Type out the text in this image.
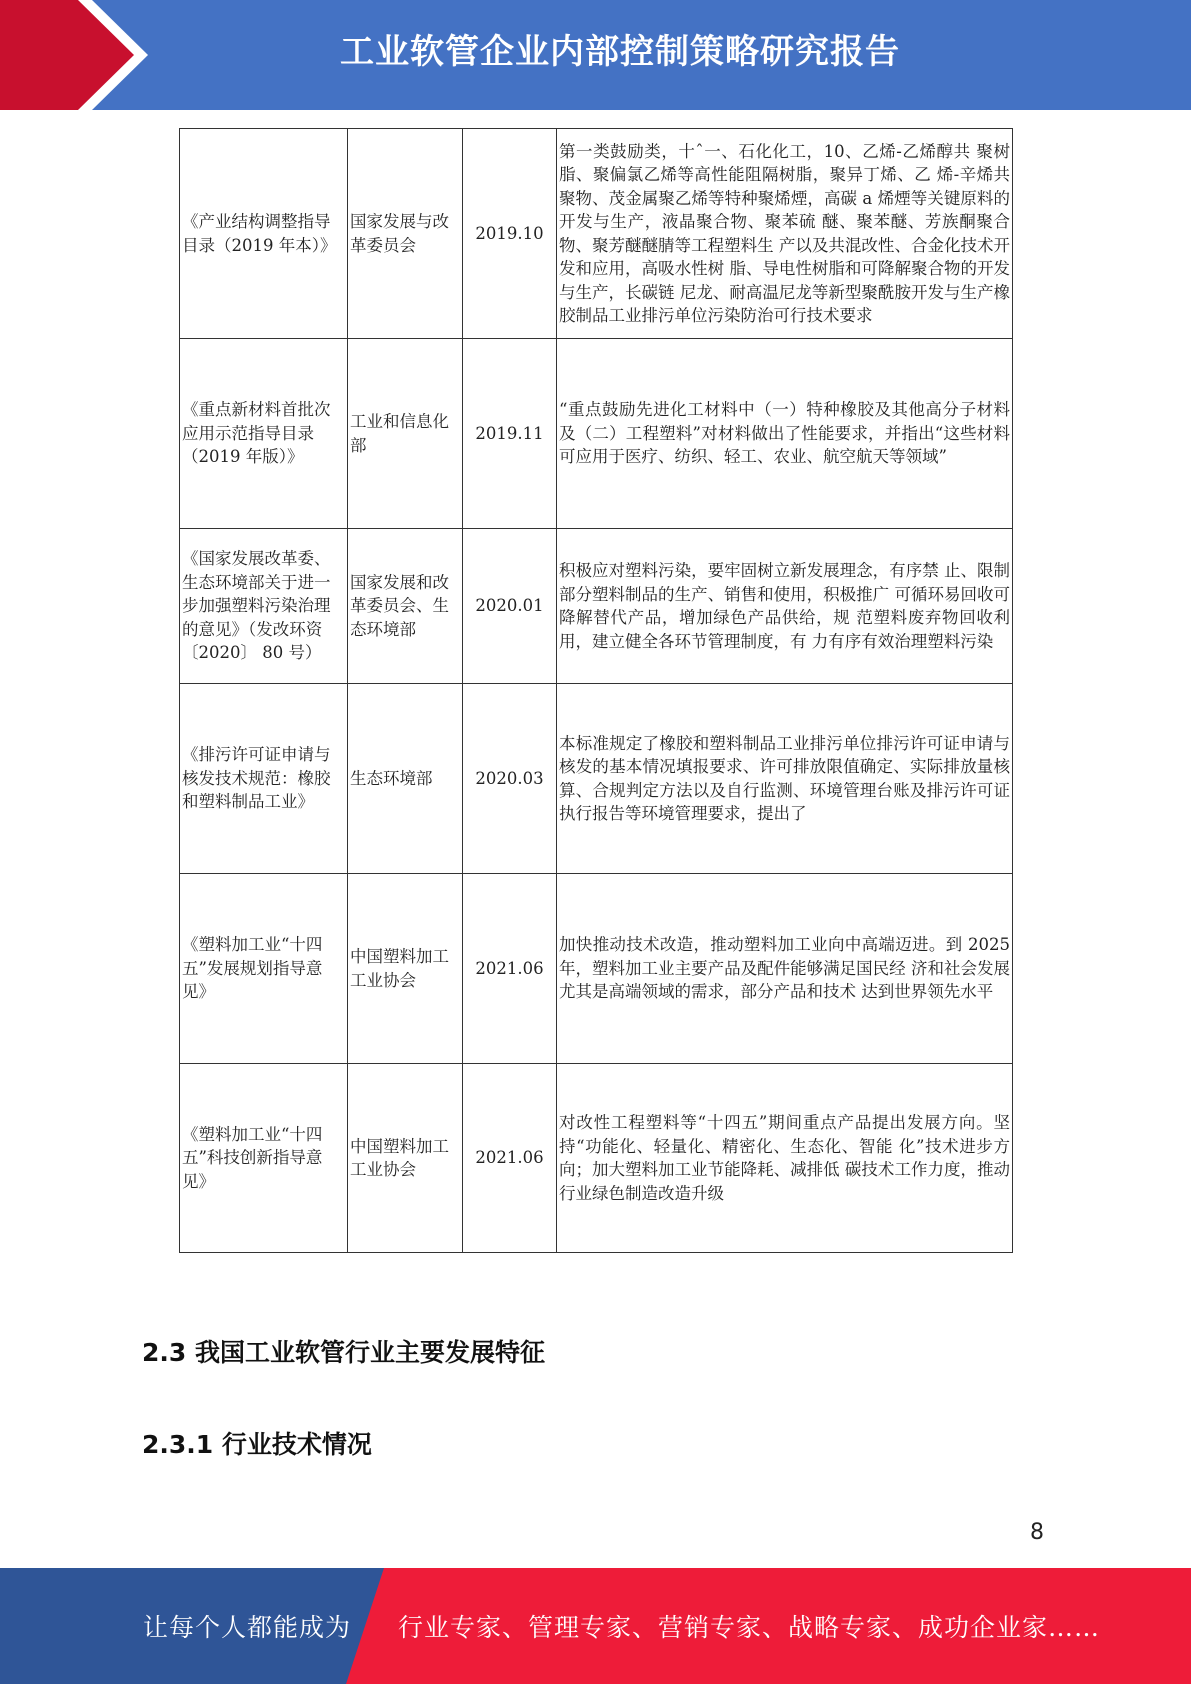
工业软管企业内部控制策略研究报告
《产业结构调整指导目录（2019 年本）》	国家发展与改革委员会	2019.10	第一类鼓励类，十ˆ一、石化化工，10、乙烯-乙烯醇共 聚树脂、聚偏氯乙烯等高性能阻隔树脂，聚异丁烯、乙 烯-辛烯共聚物、茂金属聚乙烯等特种聚烯煙，高碳 a 烯煙等关键原料的开发与生产，液晶聚合物、聚苯硫 醚、聚苯醚、芳族酮聚合物、聚芳醚醚腈等工程塑料生 产以及共混改性、合金化技术开发和应用，高吸水性树 脂、导电性树脂和可降解聚合物的开发与生产，长碳链 尼龙、耐高温尼龙等新型聚酰胺开发与生产橡胶制品工业排污单位污染防治可行技术要求
《重点新材料首批次应用示范指导目录（2019 年版）》	工业和信息化部	2019.11	“重点鼓励先进化工材料中（一）特种橡胶及其他高分子材料及（二）工程塑料”对材料做出了性能要求，并指出“这些材料可应用于医疗、纺织、轻工、农业、航空航天等领域”
《国家发展改革委、生态环境部关于进一步加强塑料污染治理的意见》（发改环资〔2020〕 80 号）	国家发展和改革委员会、生态环境部	2020.01	积极应对塑料污染，要牢固树立新发展理念，有序禁 止、限制部分塑料制品的生产、销售和使用，积极推广 可循环易回收可降解替代产品，增加绿色产品供给，规 范塑料废弃物回收利用，建立健全各环节管理制度，有 力有序有效治理塑料污染
《排污许可证申请与核发技术规范：橡胶和塑料制品工业》	生态环境部	2020.03	本标准规定了橡胶和塑料制品工业排污单位排污许可证申请与核发的基本情况填报要求、许可排放限值确定、实际排放量核算、合规判定方法以及自行监测、环境管理台账及排污许可证执行报告等环境管理要求，提出了
《塑料加工业“十四五”发展规划指导意见》	中国塑料加工工业协会	2021.06	加快推动技术改造，推动塑料加工业向中高端迈进。到 2025 年，塑料加工业主要产品及配件能够满足国民经 济和社会发展尤其是高端领域的需求，部分产品和技术 达到世界领先水平
《塑料加工业“十四五”科技创新指导意见》	中国塑料加工工业协会	2021.06	对改性工程塑料等“十四五”期间重点产品提出发展方向。坚持“功能化、轻量化、精密化、生态化、智能 化”技术进步方向；加大塑料加工业节能降耗、减排低 碳技术工作力度，推动行业绿色制造改造升级
2.3 我国工业软管行业主要发展特征
2.3.1 行业技术情况
8
让每个人都能成为 行业专家、管理专家、营销专家、战略专家、成功企业家……
